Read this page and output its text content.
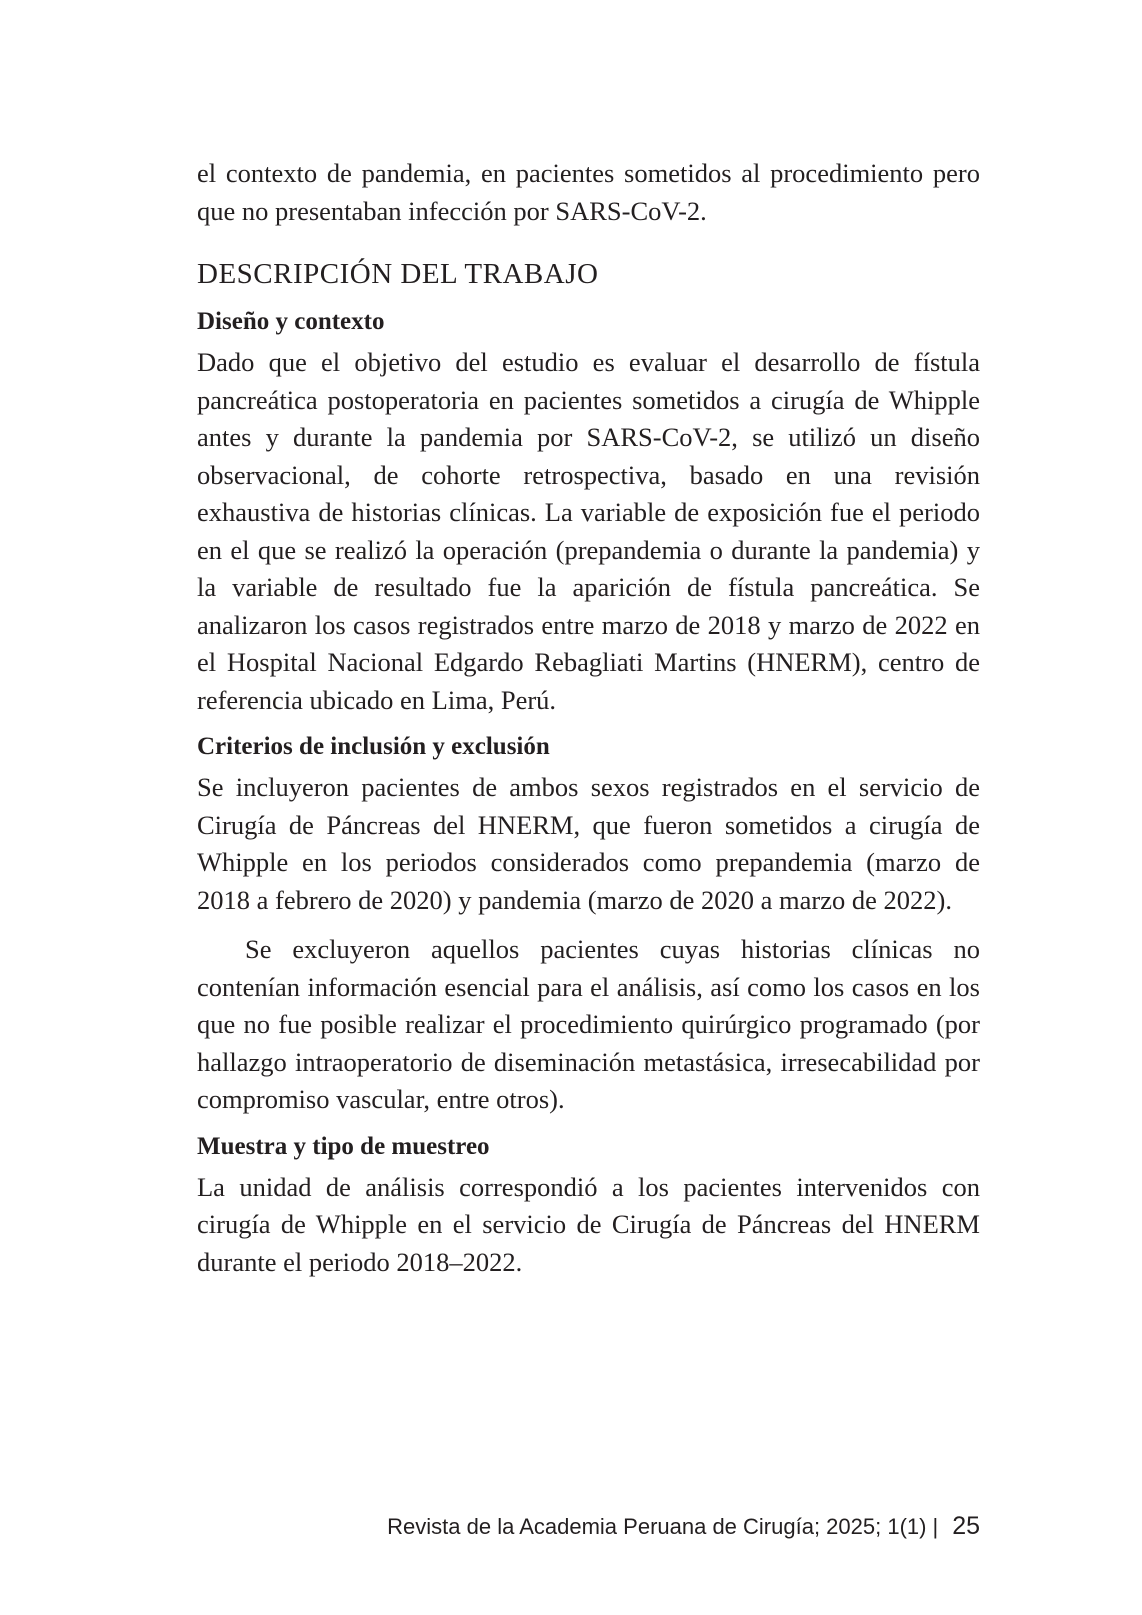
el contexto de pandemia, en pacientes sometidos al procedimiento pero que no presentaban infección por SARS-CoV-2.

DESCRIPCIÓN DEL TRABAJO
Diseño y contexto

Dado que el objetivo del estudio es evaluar el desarrollo de fístula pancreática postoperatoria en pacientes sometidos a cirugía de Whipple antes y durante la pandemia por SARS-CoV-2, se utilizó un diseño observacional, de cohorte retrospectiva, basado en una revisión exhaustiva de historias clínicas. La variable de exposición fue el periodo en el que se realizó la operación (prepandemia o durante la pandemia) y la variable de resultado fue la aparición de fístula pancreática. Se analizaron los casos registrados entre marzo de 2018 y marzo de 2022 en el Hospital Nacional Edgardo Rebagliati Martins (HNERM), centro de referencia ubicado en Lima, Perú.

Criterios de inclusión y exclusión

Se incluyeron pacientes de ambos sexos registrados en el servicio de Cirugía de Páncreas del HNERM, que fueron sometidos a cirugía de Whipple en los periodos considerados como prepandemia (marzo de 2018 a febrero de 2020) y pandemia (marzo de 2020 a marzo de 2022).

Se excluyeron aquellos pacientes cuyas historias clínicas no contenían información esencial para el análisis, así como los casos en los que no fue posible realizar el procedimiento quirúrgico programado (por hallazgo intraoperatorio de diseminación metastásica, irresecabilidad por compromiso vascular, entre otros).

Muestra y tipo de muestreo

La unidad de análisis correspondió a los pacientes intervenidos con cirugía de Whipple en el servicio de Cirugía de Páncreas del HNERM durante el periodo 2018–2022.

Revista de la Academia Peruana de Cirugía; 2025; 1(1) | 25
